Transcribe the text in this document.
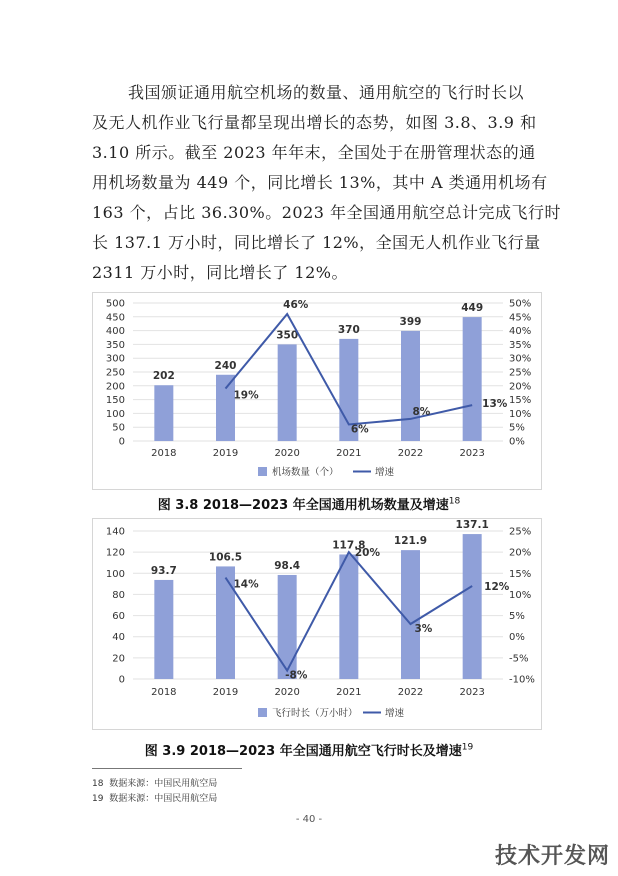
我国颁证通用航空机场的数量、通用航空的飞行时长以
及无人机作业飞行量都呈现出增长的态势，如图 3.8、3.9 和
3.10 所示。截至 2023 年年末，全国处于在册管理状态的通
用机场数量为 449 个，同比增长 13%，其中 A 类通用机场有
163 个，占比 36.30%。2023 年全国通用航空总计完成飞行时
长 137.1 万小时，同比增长了 12%，全国无人机作业飞行量
2311 万小时，同比增长了 12%。
0
50
100
150
200
250
300
350
400
450
500
0%
5%
10%
15%
20%
25%
30%
35%
40%
45%
50%
202
240
350	370
399
449
2018	2019	2020	2021	2022	2023
19%
46%
6%
8%
13%
机场数量（个）	增速
图 3.8 2018—2023 年全国通用机场数量及增速$^{18}$
0
20
40
60
80
100
120
140
-10%
-5%
0%
5%
10%
15%
20%
25%
93.7
106.5
98.4
117.8	121.9
137.1
2018	2019	2020	2021	2022	2023
14%
-8%
20%
3%
12%
飞行时长（万小时）	增速
图 3.9 2018—2023 年全国通用航空飞行时长及增速$^{19}$
18 数据来源：中国民用航空局
19 数据来源：中国民用航空局
- 40 -
技术开发网
